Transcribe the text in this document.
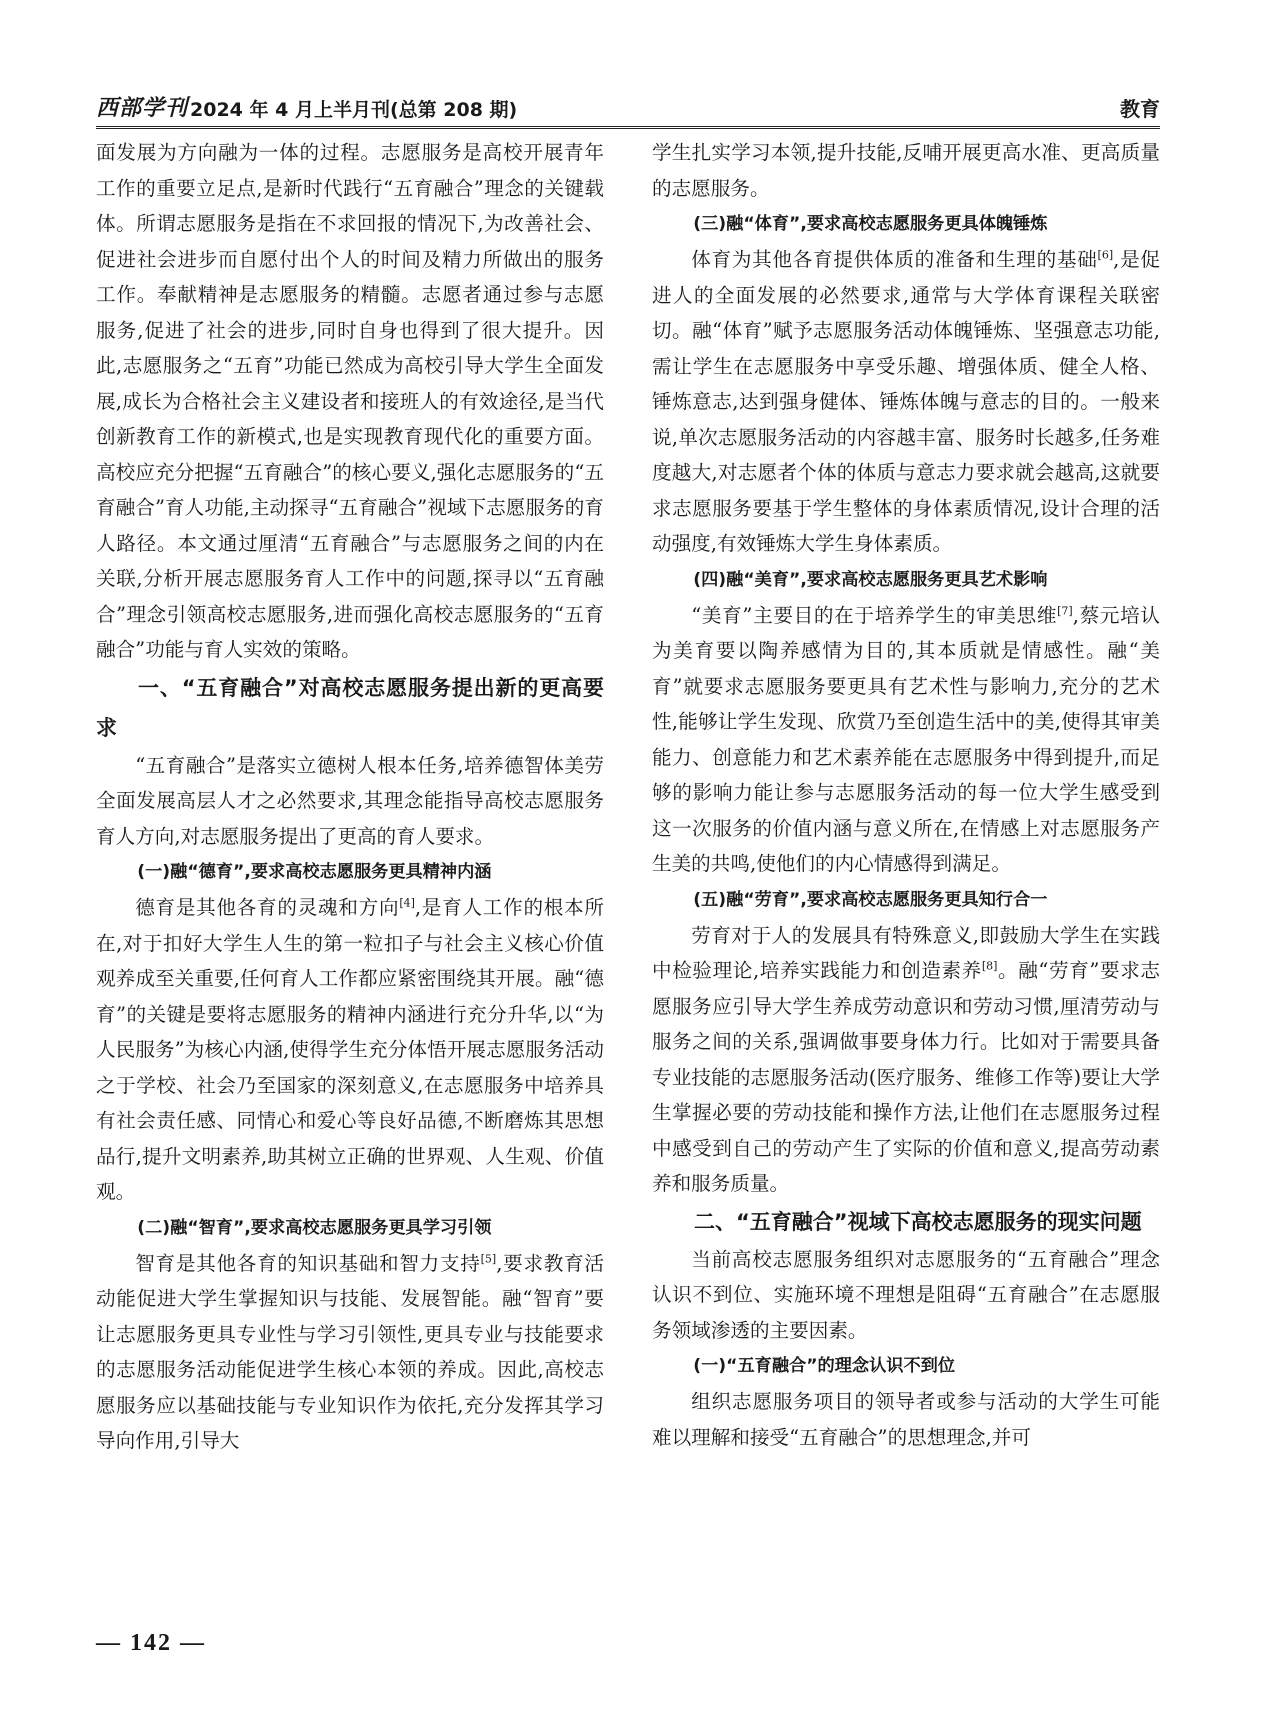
西部学刊 2024 年 4 月上半月刊(总第 208 期)	教育

面发展为方向融为一体的过程。志愿服务是高校开展青年工作的重要立足点,是新时代践行“五育融合”理念的关键载体。所谓志愿服务是指在不求回报的情况下,为改善社会、促进社会进步而自愿付出个人的时间及精力所做出的服务工作。奉献精神是志愿服务的精髓。志愿者通过参与志愿服务,促进了社会的进步,同时自身也得到了很大提升。因此,志愿服务之“五育”功能已然成为高校引导大学生全面发展,成长为合格社会主义建设者和接班人的有效途径,是当代创新教育工作的新模式,也是实现教育现代化的重要方面。高校应充分把握“五育融合”的核心要义,强化志愿服务的“五育融合”育人功能,主动探寻“五育融合”视域下志愿服务的育人路径。本文通过厘清“五育融合”与志愿服务之间的内在关联,分析开展志愿服务育人工作中的问题,探寻以“五育融合”理念引领高校志愿服务,进而强化高校志愿服务的“五育融合”功能与育人实效的策略。

一、“五育融合”对高校志愿服务提出新的更高要求

“五育融合”是落实立德树人根本任务,培养德智体美劳全面发展高层人才之必然要求,其理念能指导高校志愿服务育人方向,对志愿服务提出了更高的育人要求。

(一)融“德育”,要求高校志愿服务更具精神内涵

德育是其他各育的灵魂和方向[4],是育人工作的根本所在,对于扣好大学生人生的第一粒扣子与社会主义核心价值观养成至关重要,任何育人工作都应紧密围绕其开展。融“德育”的关键是要将志愿服务的精神内涵进行充分升华,以“为人民服务”为核心内涵,使得学生充分体悟开展志愿服务活动之于学校、社会乃至国家的深刻意义,在志愿服务中培养具有社会责任感、同情心和爱心等良好品德,不断磨炼其思想品行,提升文明素养,助其树立正确的世界观、人生观、价值观。

(二)融“智育”,要求高校志愿服务更具学习引领

智育是其他各育的知识基础和智力支持[5],要求教育活动能促进大学生掌握知识与技能、发展智能。融“智育”要让志愿服务更具专业性与学习引领性,更具专业与技能要求的志愿服务活动能促进学生核心本领的养成。因此,高校志愿服务应以基础技能与专业知识作为依托,充分发挥其学习导向作用,引导大

学生扎实学习本领,提升技能,反哺开展更高水准、更高质量的志愿服务。

(三)融“体育”,要求高校志愿服务更具体魄锤炼

体育为其他各育提供体质的准备和生理的基础[6],是促进人的全面发展的必然要求,通常与大学体育课程关联密切。融“体育”赋予志愿服务活动体魄锤炼、坚强意志功能,需让学生在志愿服务中享受乐趣、增强体质、健全人格、锤炼意志,达到强身健体、锤炼体魄与意志的目的。一般来说,单次志愿服务活动的内容越丰富、服务时长越多,任务难度越大,对志愿者个体的体质与意志力要求就会越高,这就要求志愿服务要基于学生整体的身体素质情况,设计合理的活动强度,有效锤炼大学生身体素质。

(四)融“美育”,要求高校志愿服务更具艺术影响

“美育”主要目的在于培养学生的审美思维[7],蔡元培认为美育要以陶养感情为目的,其本质就是情感性。融“美育”就要求志愿服务要更具有艺术性与影响力,充分的艺术性,能够让学生发现、欣赏乃至创造生活中的美,使得其审美能力、创意能力和艺术素养能在志愿服务中得到提升,而足够的影响力能让参与志愿服务活动的每一位大学生感受到这一次服务的价值内涵与意义所在,在情感上对志愿服务产生美的共鸣,使他们的内心情感得到满足。

(五)融“劳育”,要求高校志愿服务更具知行合一

劳育对于人的发展具有特殊意义,即鼓励大学生在实践中检验理论,培养实践能力和创造素养[8]。融“劳育”要求志愿服务应引导大学生养成劳动意识和劳动习惯,厘清劳动与服务之间的关系,强调做事要身体力行。比如对于需要具备专业技能的志愿服务活动(医疗服务、维修工作等)要让大学生掌握必要的劳动技能和操作方法,让他们在志愿服务过程中感受到自己的劳动产生了实际的价值和意义,提高劳动素养和服务质量。

二、“五育融合”视域下高校志愿服务的现实问题

当前高校志愿服务组织对志愿服务的“五育融合”理念认识不到位、实施环境不理想是阻碍“五育融合”在志愿服务领域渗透的主要因素。

(一)“五育融合”的理念认识不到位

组织志愿服务项目的领导者或参与活动的大学生可能难以理解和接受“五育融合”的思想理念,并可

— 142 —
